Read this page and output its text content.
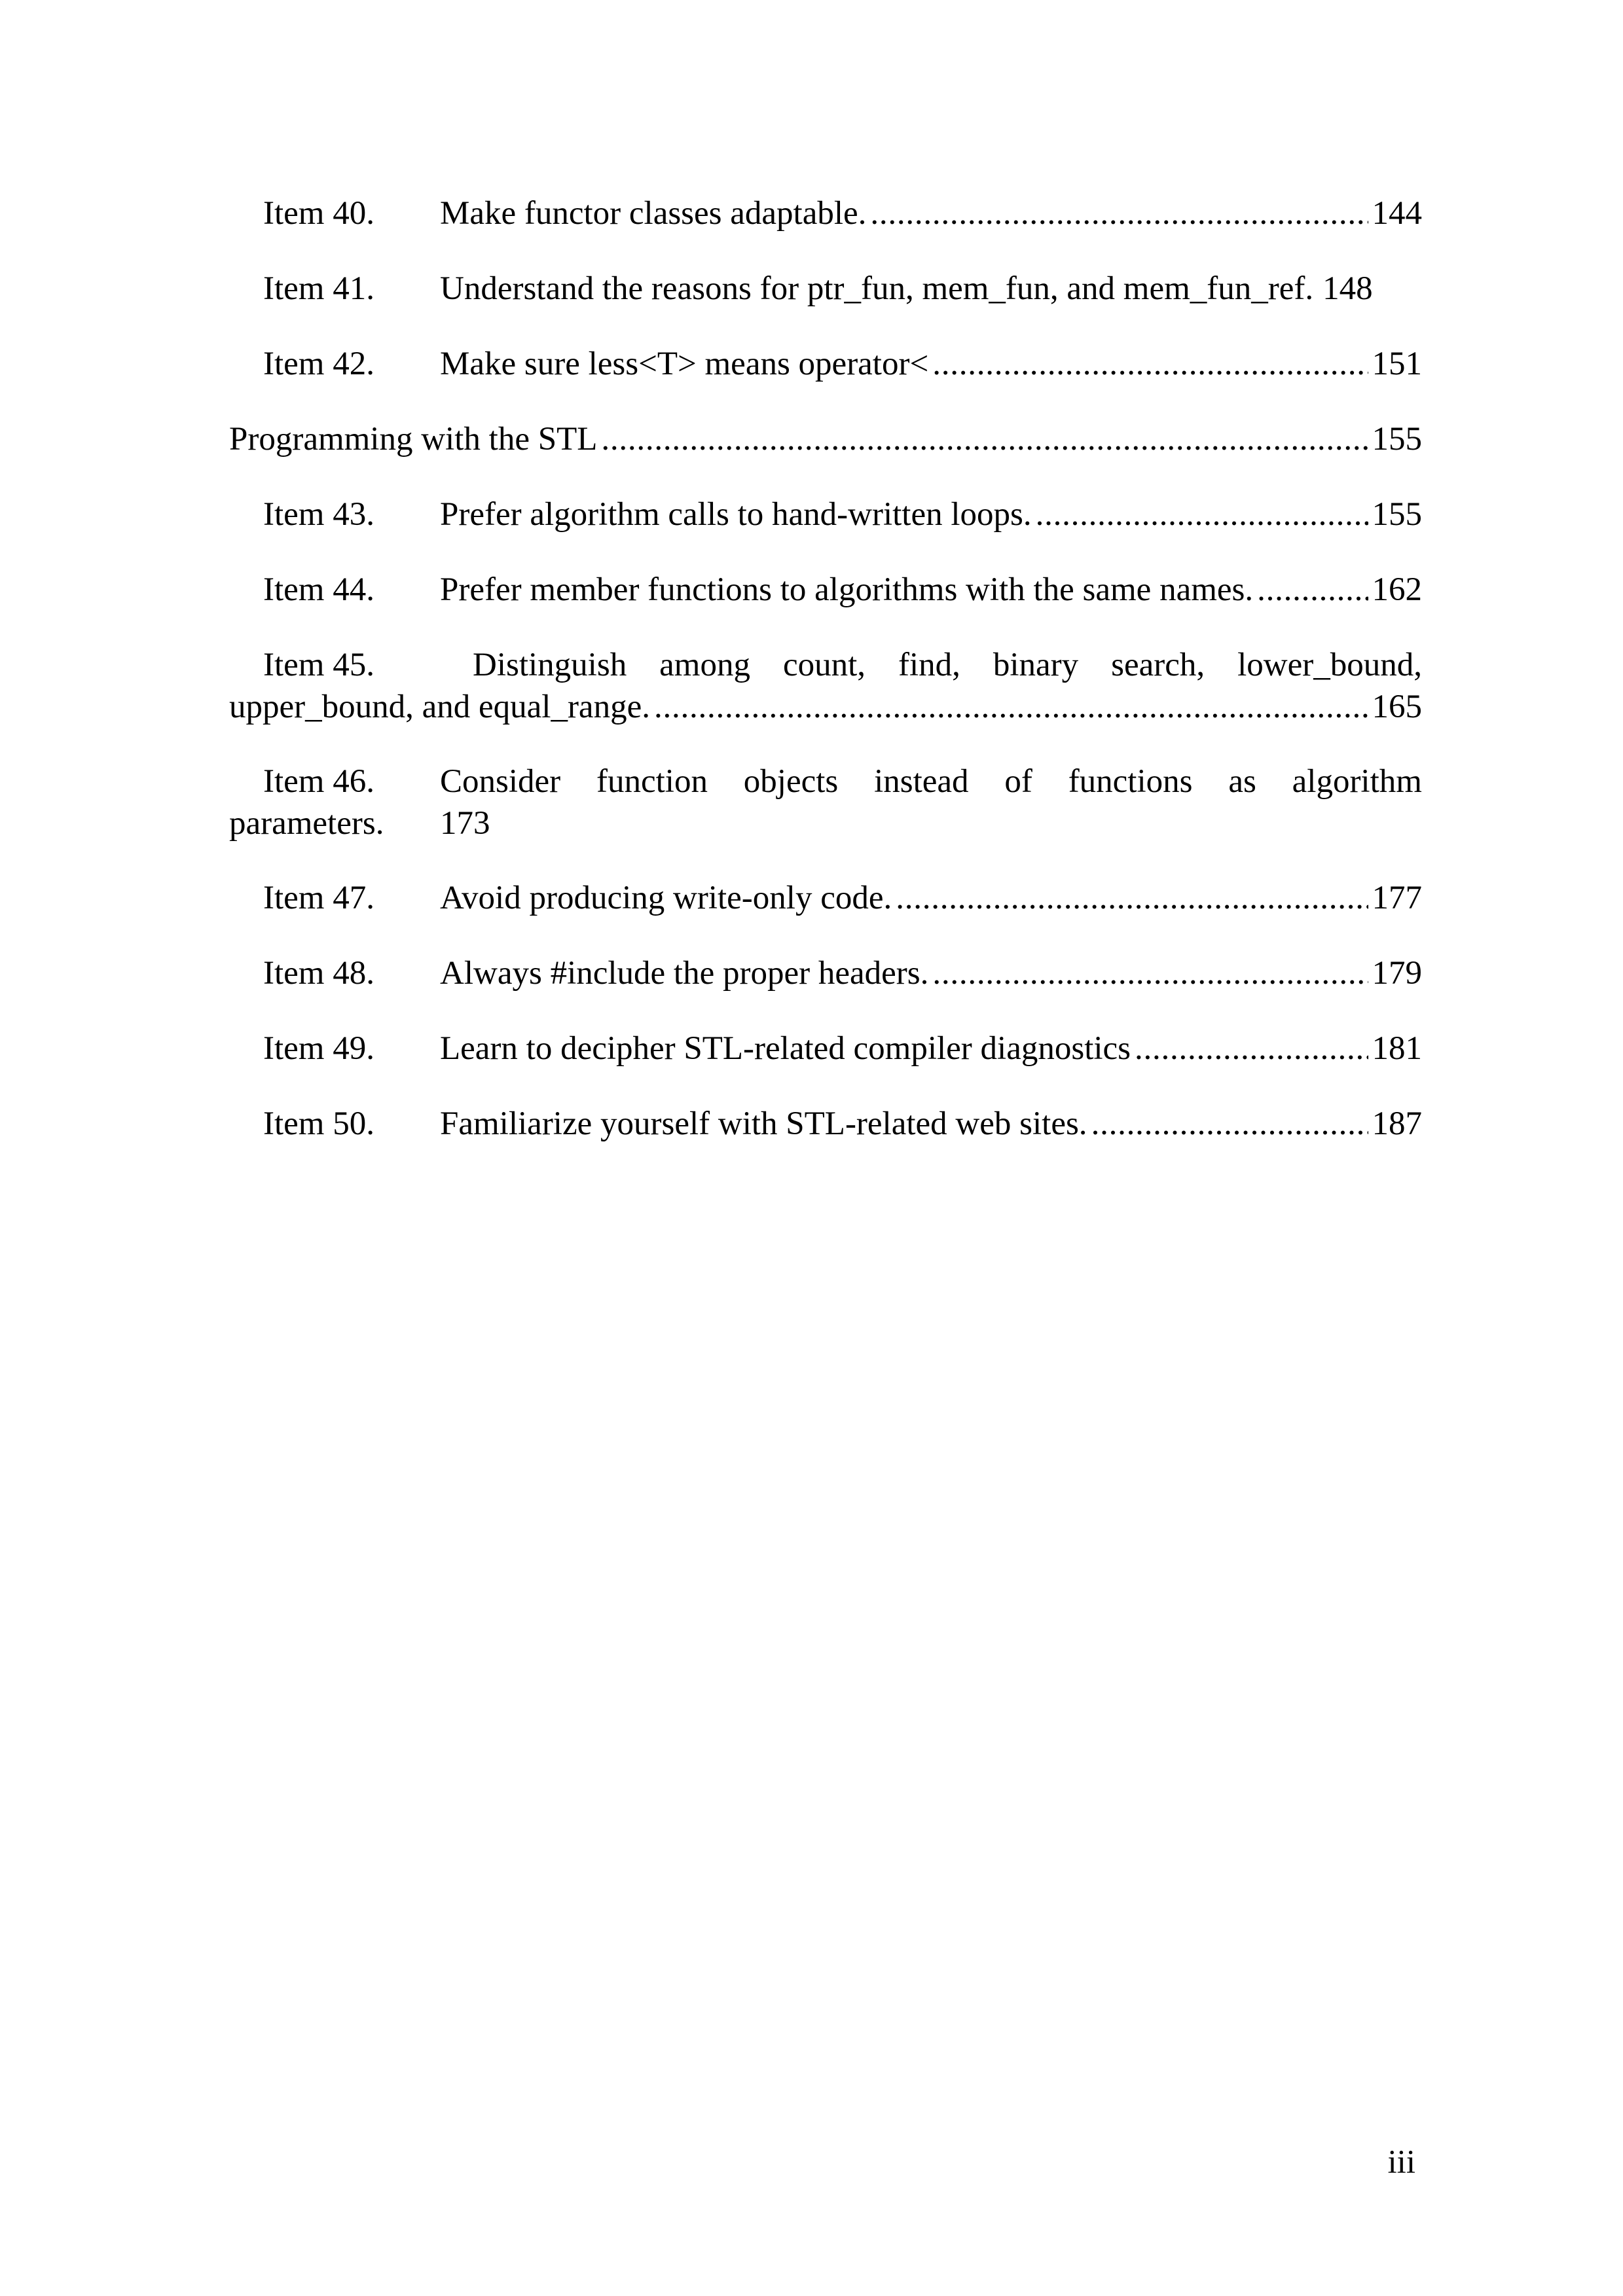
Item 40.	Make functor classes adaptable. . . .	144
Item 41.	Understand the reasons for ptr_fun, mem_fun, and mem_fun_ref. 148
Item 42.	Make sure less<T> means operator< . . .	151
Programming with the STL . . .	155
Item 43.	Prefer algorithm calls to hand-written loops. . . .	155
Item 44.	Prefer member functions to algorithms with the same names. . . .	162
Item 45.	Distinguish among count, find, binary search, lower_bound,
upper_bound, and equal_range. . . .	165
Item 46.	Consider function objects instead of functions as algorithm
parameters.	173
Item 47.	Avoid producing write-only code. . . .	177
Item 48.	Always #include the proper headers. . . .	179
Item 49.	Learn to decipher STL-related compiler diagnostics . . .	181
Item 50.	Familiarize yourself with STL-related web sites. . . .	187
iii
